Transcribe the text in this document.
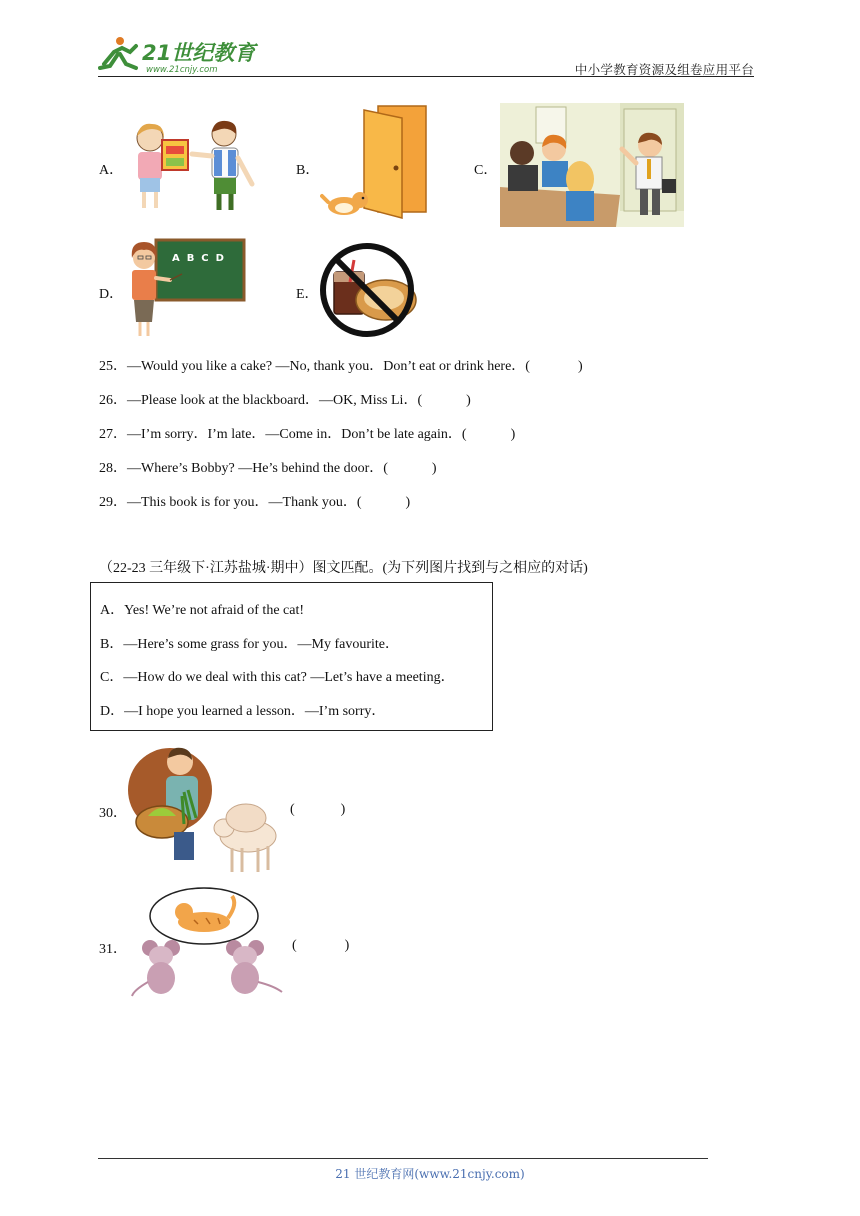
21世纪教育
www.21cnjy.com	中小学教育资源及组卷应用平台
A．	B．	C．
D．
A  B  C  D
E．
25．—Would you like a cake? —No, thank you．Don’t eat or drink here．(	)
26．—Please look at the blackboard．—OK, Miss Li．(	)
27．—I’m sorry．I’m late．—Come in．Don’t be late again．(	)
28．—Where’s Bobby? —He’s behind the door．(	)
29．—This book is for you．—Thank you．(	)
（22-23 三年级下·江苏盐城·期中）图文匹配。(为下列图片找到与之相应的对话)
A．Yes! We’re not afraid of the cat!
B．—Here’s some grass for you．—My favourite．
C．—How do we deal with this cat? —Let’s have a meeting．
D．—I hope you learned a lesson．—I’m sorry．
30．	(	)
31．	(	)
21 世纪教育网(www.21cnjy.com)
